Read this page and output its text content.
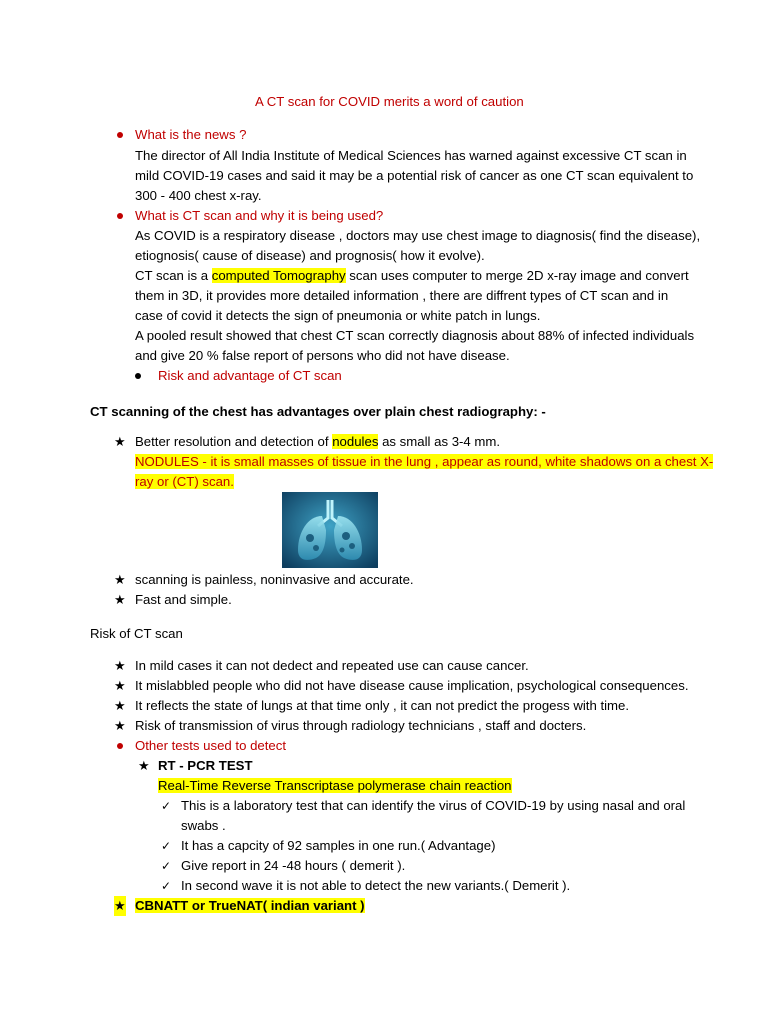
A CT scan for COVID merits a word of caution
What is the news ?
The director of All India Institute of Medical Sciences has warned against excessive CT scan in
mild COVID-19 cases and said it may be a potential risk of cancer as one CT scan equivalent to
300 - 400 chest x-ray.
What is CT scan and why it is being used?
As COVID is a respiratory disease , doctors may use chest image to diagnosis( find the disease),
etiognosis( cause of disease) and prognosis( how it evolve).
CT scan is a computed Tomography scan uses computer to merge 2D x-ray image and convert
them in 3D, it provides more detailed information , there are diffrent types of CT scan and in
case of covid it detects the sign of pneumonia or white patch in lungs.
A pooled result showed that chest CT scan correctly diagnosis about 88% of infected individuals
and give 20 % false report of persons who did not have disease.
Risk and advantage of CT scan
CT scanning of the chest has advantages over plain chest radiography: -
★ Better resolution and detection of nodules as small as 3-4 mm.
NODULES - it is small masses of tissue in the lung , appear as round, white shadows on a chest X-
ray or (CT) scan.
★ scanning is painless, noninvasive and accurate.
★ Fast and simple.
Risk of CT scan
★ In mild cases it can not dedect and repeated use can cause cancer.
★ It mislabbled people who did not have disease cause implication, psychological consequences.
★ It reflects the state of lungs at that time only , it can not predict the progess with time.
★ Risk of transmission of virus through radiology technicians , staff and docters.
Other tests used to detect
★ RT - PCR TEST
Real-Time Reverse Transcriptase polymerase chain reaction
✓ This is a laboratory test that can identify the virus of COVID-19 by using nasal and oral
swabs .
✓ It has a capcity of 92 samples in one run.( Advantage)
✓ Give report in 24 -48 hours ( demerit ).
✓ In second wave it is not able to detect the new variants.( Demerit ).
★ CBNATT or TrueNAT( indian variant )
